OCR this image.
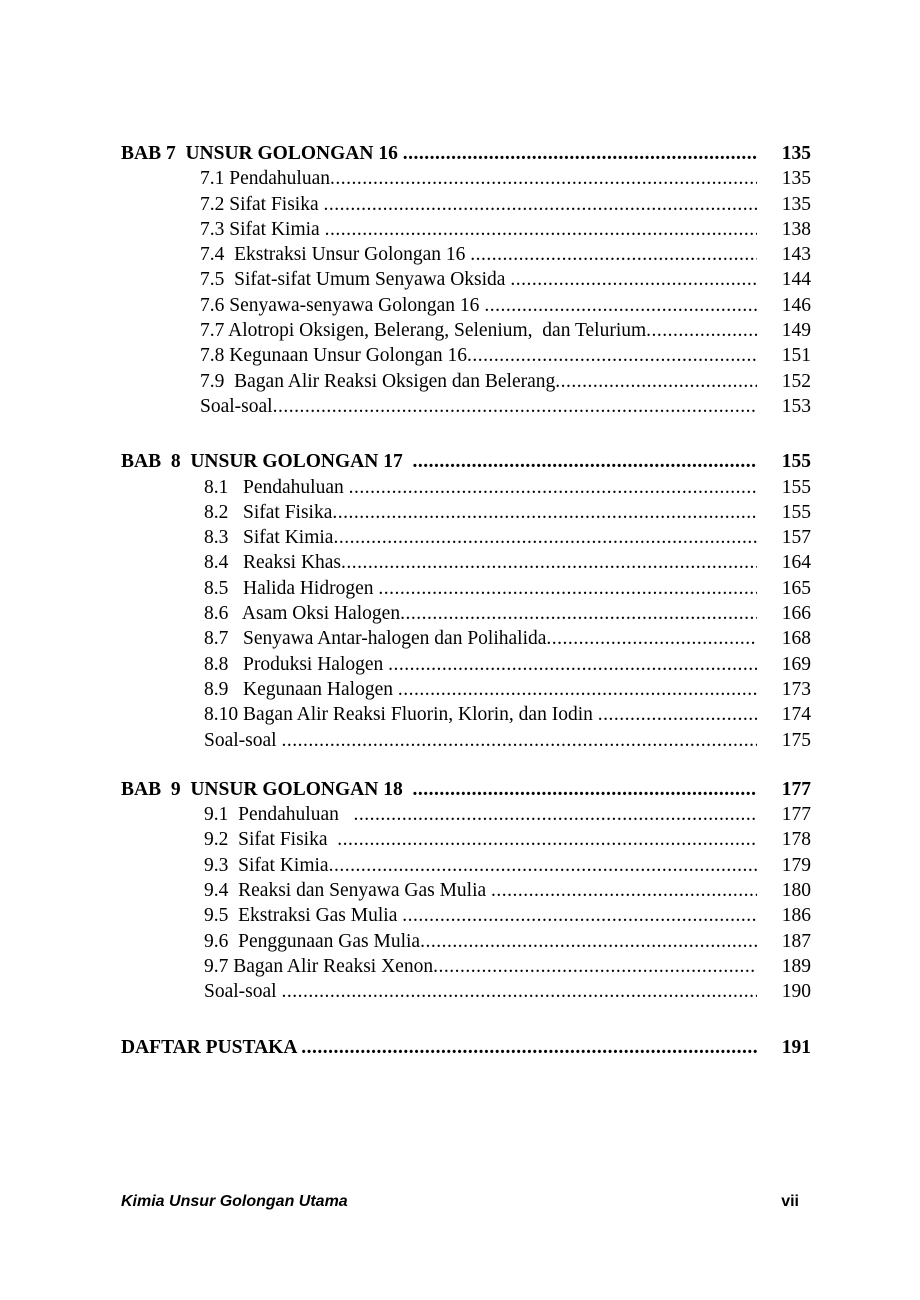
BAB 7  UNSUR GOLONGAN 16 .....	135
7.1 Pendahuluan .....	135
7.2 Sifat Fisika .....	135
7.3 Sifat Kimia .....	138
7.4  Ekstraksi Unsur Golongan 16 .....	143
7.5  Sifat-sifat Umum Senyawa Oksida .....	144
7.6 Senyawa-senyawa Golongan 16 .....	146
7.7 Alotropi Oksigen, Belerang, Selenium,  dan Telurium .....	149
7.8 Kegunaan Unsur Golongan 16 .....	151
7.9  Bagan Alir Reaksi Oksigen dan Belerang .....	152
Soal-soal .....	153
BAB  8  UNSUR GOLONGAN 17 .....	155
8.1   Pendahuluan .....	155
8.2   Sifat Fisika .....	155
8.3   Sifat Kimia .....	157
8.4   Reaksi Khas .....	164
8.5   Halida Hidrogen .....	165
8.6   Asam Oksi Halogen .....	166
8.7   Senyawa Antar-halogen dan Polihalida .....	168
8.8   Produksi Halogen .....	169
8.9   Kegunaan Halogen .....	173
8.10 Bagan Alir Reaksi Fluorin, Klorin, dan Iodin .....	174
Soal-soal .....	175
BAB  9  UNSUR GOLONGAN 18 .....	177
9.1  Pendahuluan .....	177
9.2  Sifat Fisika .....	178
9.3  Sifat Kimia .....	179
9.4  Reaksi dan Senyawa Gas Mulia .....	180
9.5  Ekstraksi Gas Mulia .....	186
9.6  Penggunaan Gas Mulia .....	187
9.7 Bagan Alir Reaksi Xenon .....	189
Soal-soal .....	190
DAFTAR PUSTAKA .....	191
Kimia Unsur Golongan Utama	vii
